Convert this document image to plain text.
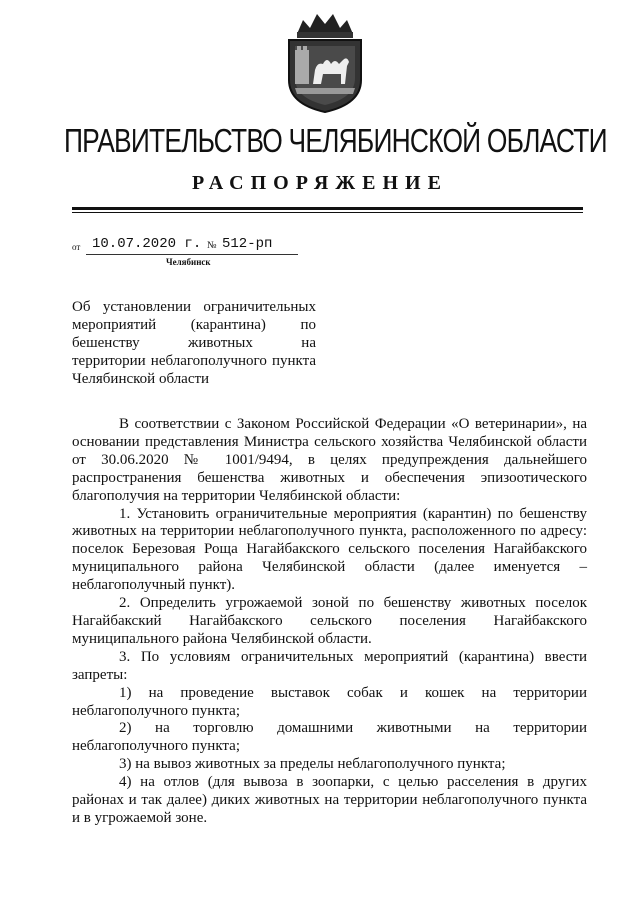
ПРАВИТЕЛЬСТВО ЧЕЛЯБИНСКОЙ ОБЛАСТИ
РАСПОРЯЖЕНИЕ
от 10.07.2020 г. № 512-рп
Челябинск
Об установлении ограничительных
мероприятий (карантина) по
бешенству животных на
территории неблагополучного пункта
Челябинской области

В соответствии с Законом Российской Федерации «О ветеринарии», на основании представления Министра сельского хозяйства Челябинской области от 30.06.2020 № 1001/9494, в целях предупреждения дальнейшего распространения бешенства животных и обеспечения эпизоотического благополучия на территории Челябинской области:

1. Установить ограничительные мероприятия (карантин) по бешенству животных на территории неблагополучного пункта, расположенного по адресу: поселок Березовая Роща Нагайбакского сельского поселения Нагайбакского муниципального района Челябинской области (далее именуется – неблагополучный пункт).

2. Определить угрожаемой зоной по бешенству животных поселок Нагайбакский Нагайбакского сельского поселения Нагайбакского муниципального района Челябинской области.

3. По условиям ограничительных мероприятий (карантина) ввести запреты:

1) на проведение выставок собак и кошек на территории неблагополучного пункта;

2) на торговлю домашними животными на территории неблагополучного пункта;

3) на вывоз животных за пределы неблагополучного пункта;

4) на отлов (для вывоза в зоопарки, с целью расселения в других районах и так далее) диких животных на территории неблагополучного пункта и в угрожаемой зоне.
